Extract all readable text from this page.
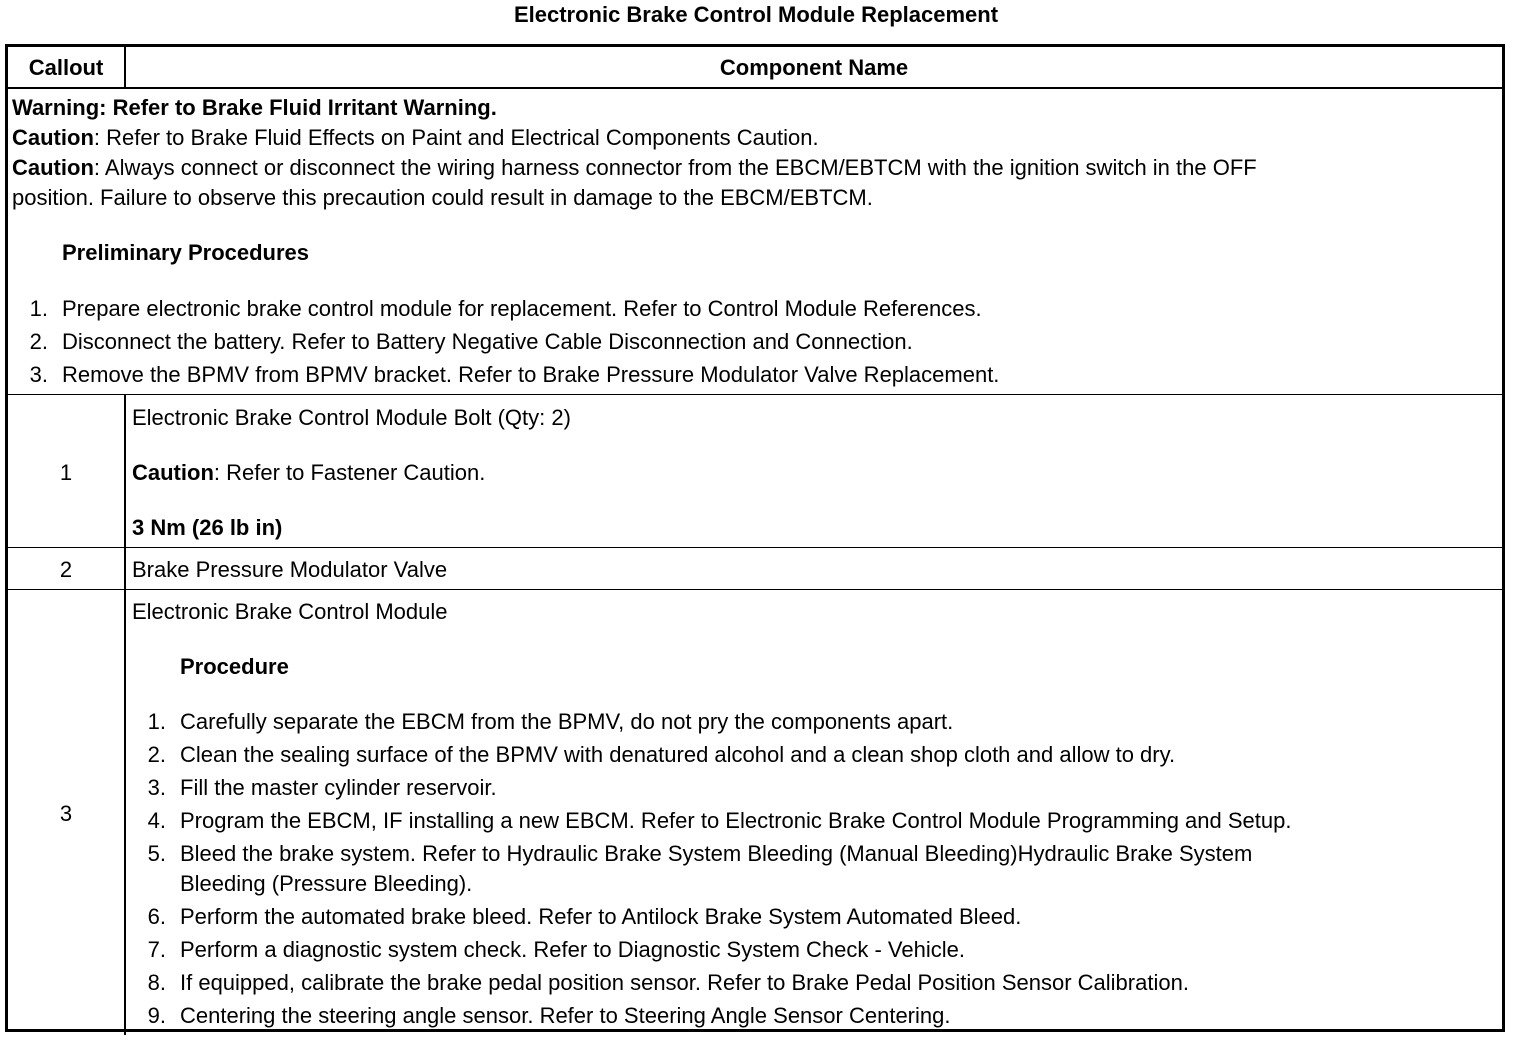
Electronic Brake Control Module Replacement
Callout	Component Name
Warning: Refer to Brake Fluid Irritant Warning.
Caution: Refer to Brake Fluid Effects on Paint and Electrical Components Caution.
Caution: Always connect or disconnect the wiring harness connector from the EBCM/EBTCM with the ignition switch in the OFF
position. Failure to observe this precaution could result in damage to the EBCM/EBTCM.
Preliminary Procedures
1. Prepare electronic brake control module for replacement. Refer to Control Module References.
2. Disconnect the battery. Refer to Battery Negative Cable Disconnection and Connection.
3. Remove the BPMV from BPMV bracket. Refer to Brake Pressure Modulator Valve Replacement.
1
Electronic Brake Control Module Bolt (Qty: 2)
Caution: Refer to Fastener Caution.
3 Nm (26 lb in)
2	Brake Pressure Modulator Valve
3
Electronic Brake Control Module
Procedure
1. Carefully separate the EBCM from the BPMV, do not pry the components apart.
2. Clean the sealing surface of the BPMV with denatured alcohol and a clean shop cloth and allow to dry.
3. Fill the master cylinder reservoir.
4. Program the EBCM, IF installing a new EBCM. Refer to Electronic Brake Control Module Programming and Setup.
5. Bleed the brake system. Refer to Hydraulic Brake System Bleeding (Manual Bleeding)Hydraulic Brake System
Bleeding (Pressure Bleeding).
6. Perform the automated brake bleed. Refer to Antilock Brake System Automated Bleed.
7. Perform a diagnostic system check. Refer to Diagnostic System Check - Vehicle.
8. If equipped, calibrate the brake pedal position sensor. Refer to Brake Pedal Position Sensor Calibration.
9. Centering the steering angle sensor. Refer to Steering Angle Sensor Centering.
